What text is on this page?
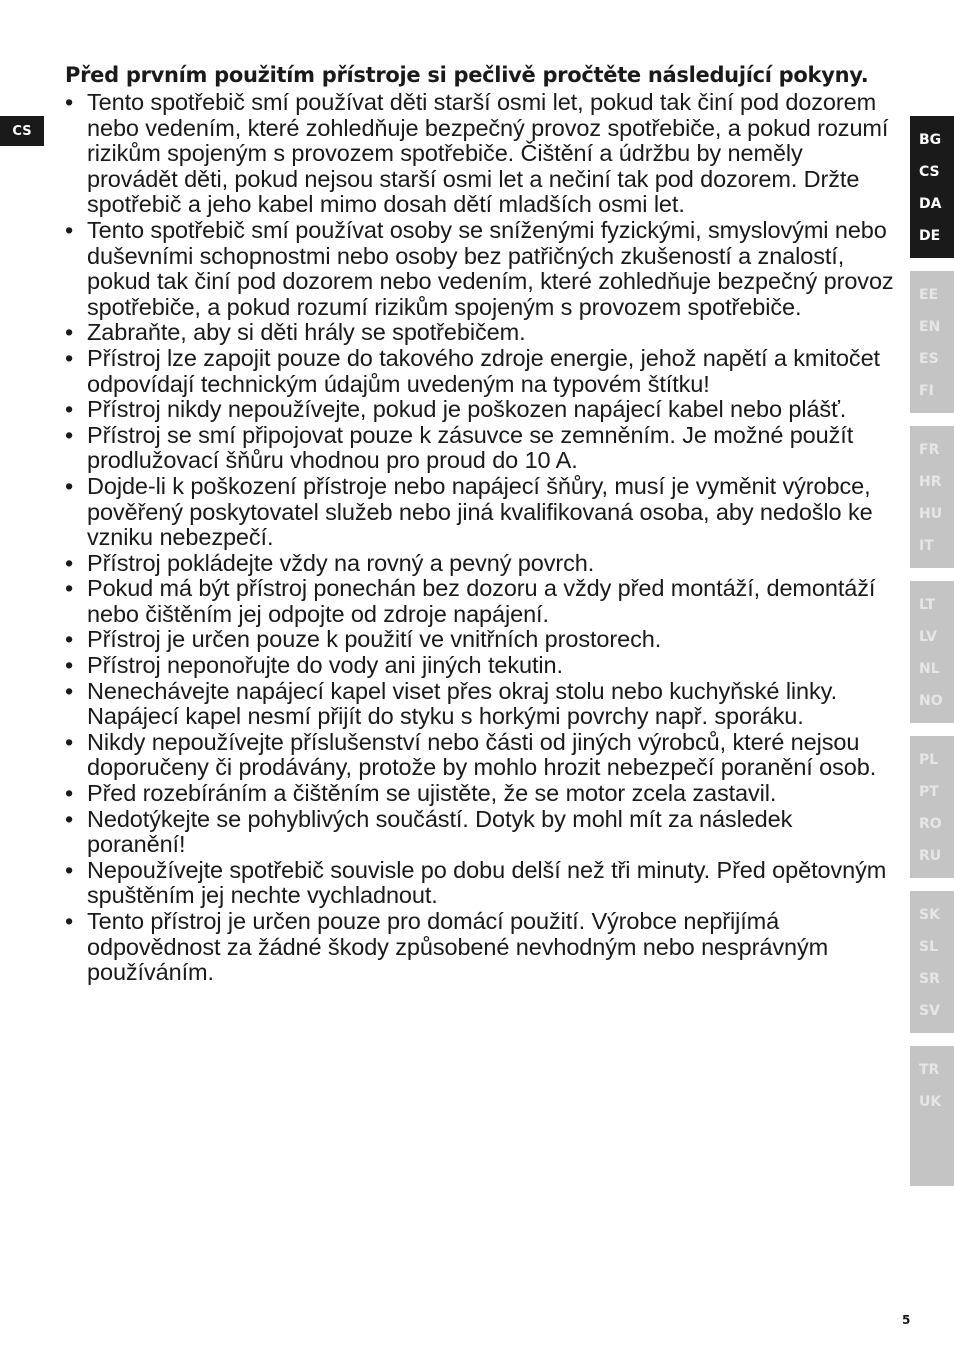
CS
Před prvním použitím přístroje si pečlivě pročtěte následující pokyny.
• Tento spotřebič smí používat děti starší osmi let, pokud tak činí pod dozorem nebo vedením, které zohledňuje bezpečný provoz spotřebiče, a pokud rozumí rizikům spojeným s provozem spotřebiče. Čištění a údržbu by neměly provádět děti, pokud nejsou starší osmi let a nečiní tak pod dozorem. Držte spotřebič a jeho kabel mimo dosah dětí mladších osmi let.
• Tento spotřebič smí používat osoby se sníženými fyzickými, smyslovými nebo duševními schopnostmi nebo osoby bez patřičných zkušeností a znalostí, pokud tak činí pod dozorem nebo vedením, které zohledňuje bezpečný provoz spotřebiče, a pokud rozumí rizikům spojeným s provozem spotřebiče.
• Zabraňte, aby si děti hrály se spotřebičem.
• Přístroj lze zapojit pouze do takového zdroje energie, jehož napětí a kmitočet odpovídají technickým údajům uvedeným na typovém štítku!
• Přístroj nikdy nepoužívejte, pokud je poškozen napájecí kabel nebo plášť.
• Přístroj se smí připojovat pouze k zásuvce se zemněním. Je možné použít prodlužovací šňůru vhodnou pro proud do 10 A.
• Dojde-li k poškození přístroje nebo napájecí šňůry, musí je vyměnit výrobce, pověřený poskytovatel služeb nebo jiná kvalifikovaná osoba, aby nedošlo ke vzniku nebezpečí.
• Přístroj pokládejte vždy na rovný a pevný povrch.
• Pokud má být přístroj ponechán bez dozoru a vždy před montáží, demontáží nebo čištěním jej odpojte od zdroje napájení.
• Přístroj je určen pouze k použití ve vnitřních prostorech.
• Přístroj neponořujte do vody ani jiných tekutin.
• Nenechávejte napájecí kapel viset přes okraj stolu nebo kuchyňské linky. Napájecí kapel nesmí přijít do styku s horkými povrchy např. sporáku.
• Nikdy nepoužívejte příslušenství nebo části od jiných výrobců, které nejsou doporučeny či prodávány, protože by mohlo hrozit nebezpečí poranění osob.
• Před rozebíráním a čištěním se ujistěte, že se motor zcela zastavil.
• Nedotýkejte se pohyblivých součástí. Dotyk by mohl mít za následek poranění!
• Nepoužívejte spotřebič souvisle po dobu delší než tři minuty. Před opětovným spuštěním jej nechte vychladnout.
• Tento přístroj je určen pouze pro domácí použití. Výrobce nepřijímá odpovědnost za žádné škody způsobené nevhodným nebo nesprávným používáním.
BG
CS
DA
DE
EE
EN
ES
FI
FR
HR
HU
IT
LT
LV
NL
NO
PL
PT
RO
RU
SK
SL
SR
SV
TR
UK
5
